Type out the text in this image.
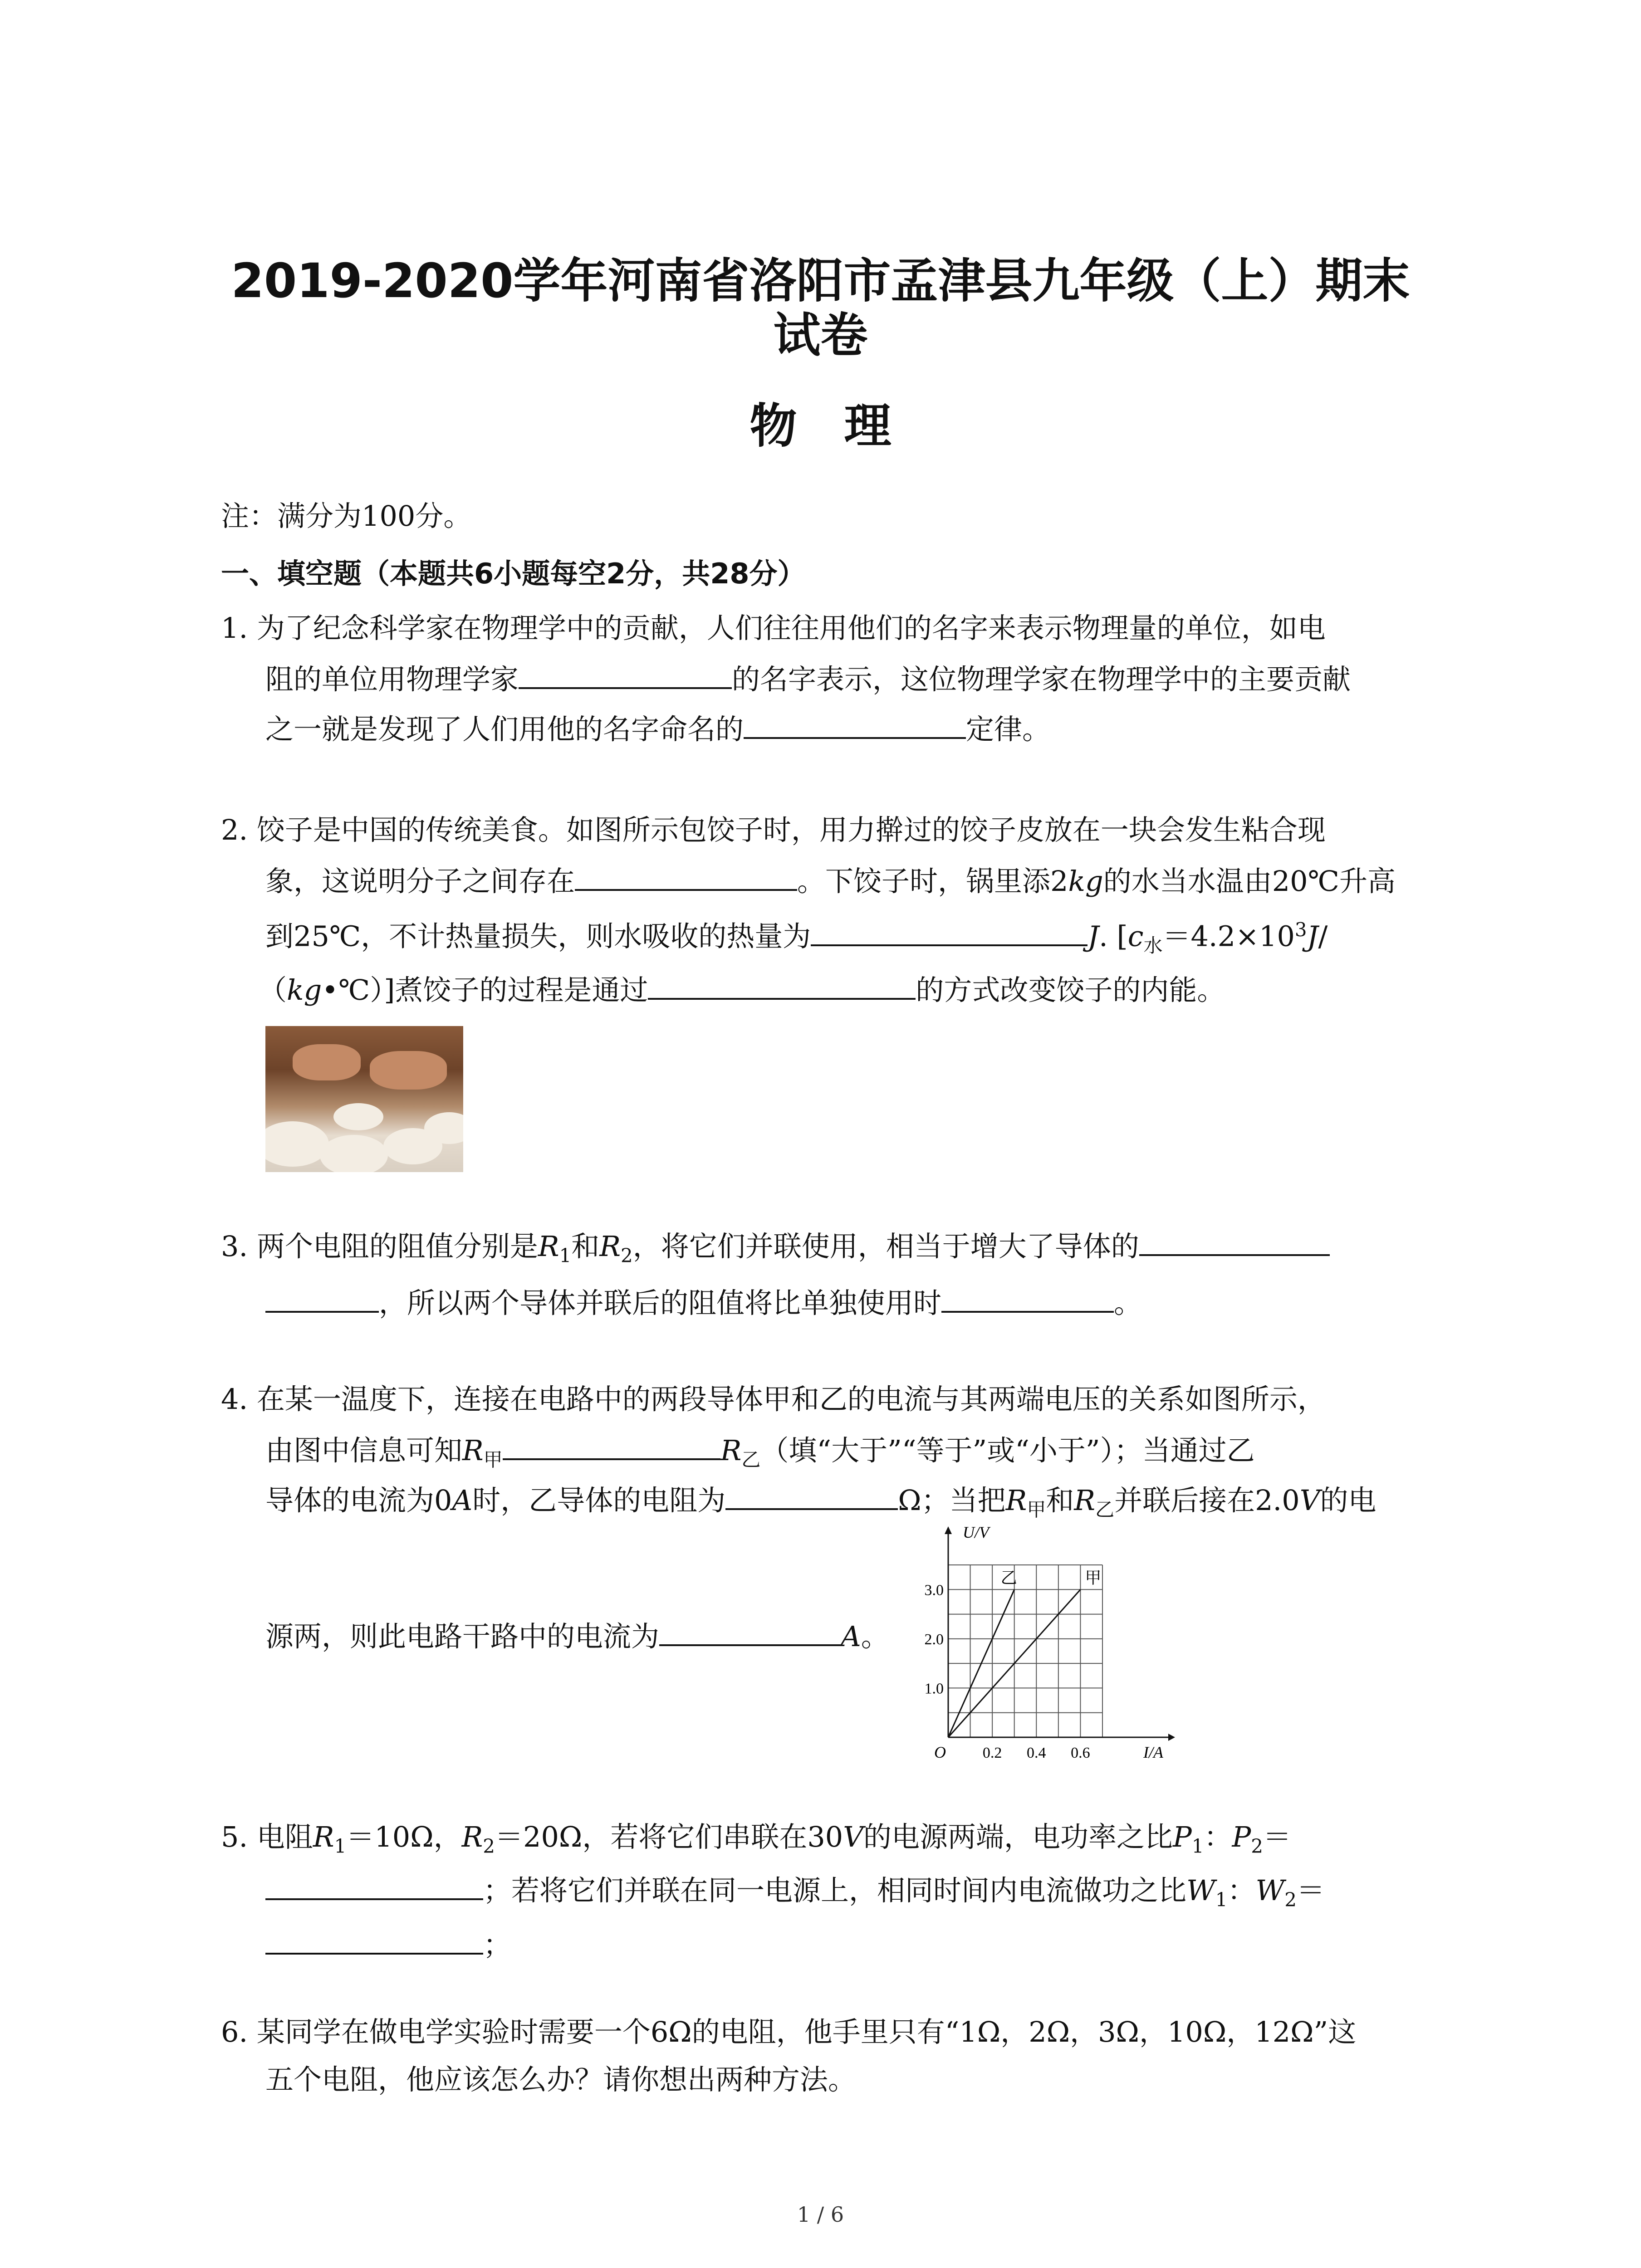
2019-2020学年河南省洛阳市孟津县九年级（上）期末
试卷
物　理
注：满分为100分。
一、填空题（本题共6小题每空2分，共28分）
1. 为了纪念科学家在物理学中的贡献，人们往往用他们的名字来表示物理量的单位，如电
阻的单位用物理学家	的名字表示，这位物理学家在物理学中的主要贡献
之一就是发现了人们用他的名字命名的	定律。
2. 饺子是中国的传统美食。如图所示包饺子时，用力擀过的饺子皮放在一块会发生粘合现
象，这说明分子之间存在	。下饺子时，锅里添2kg的水当水温由20℃升高
到25℃，不计热量损失，则水吸收的热量为	J. [$c_水=4.2\times 10^3J/$
（kg•℃）]煮饺子的过程是通过	的方式改变饺子的内能。
3. 两个电阻的阻值分别是$R_1$和$R_2$，将它们并联使用，相当于增大了导体的
，所以两个导体并联后的阻值将比单独使用时	。
4. 在某一温度下，连接在电路中的两段导体甲和乙的电流与其两端电压的关系如图所示，
由图中信息可知$R_甲$	$R_乙$（填“大于”“等于”或“小于”）；当通过乙
导体的电流为0A时，乙导体的电阻为	Ω；当把$R_甲$和$R_乙$并联后接在2.0V的电
源两，则此电路干路中的电流为	A。
乙	甲
U/V
I/A
O 0.2 0.4 0.6
1.0
2.0
3.0
5. 电阻$R_1=10\Omega$，$R_2=20\Omega$，若将它们串联在30V的电源两端，电功率之比$P_1$：$P_2=$
；若将它们并联在同一电源上，相同时间内电流做功之比$W_1$：$W_2=$
；
6. 某同学在做电学实验时需要一个6Ω的电阻，他手里只有“1Ω，2Ω，3Ω，10Ω，12Ω”这
五个电阻，他应该怎么办？请你想出两种方法。
1 / 6
